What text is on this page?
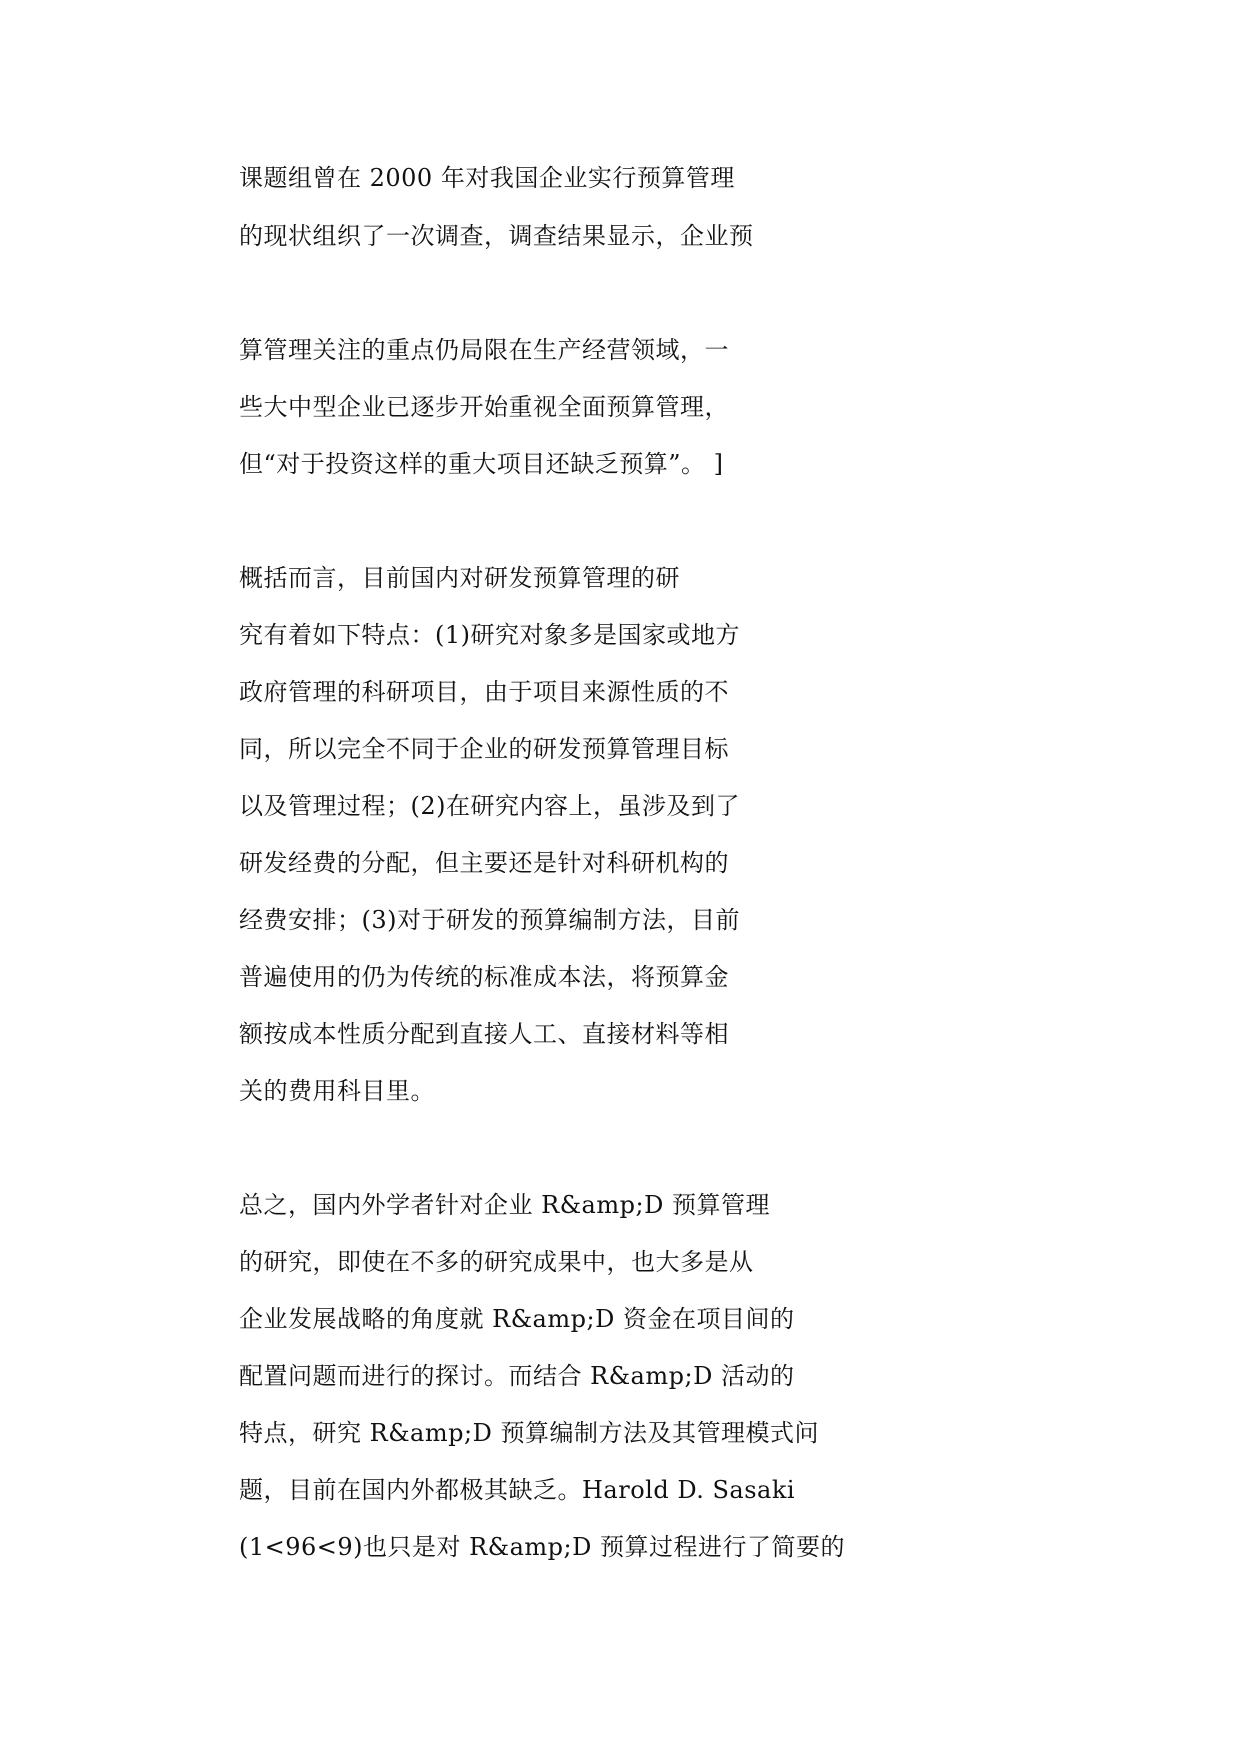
课题组曾在 2000 年对我国企业实行预算管理
的现状组织了一次调查，调查结果显示，企业预
算管理关注的重点仍局限在生产经营领域，一
些大中型企业已逐步开始重视全面预算管理，
但“对于投资这样的重大项目还缺乏预算”。 ]
概括而言，目前国内对研发预算管理的研
究有着如下特点：(1)研究对象多是国家或地方
政府管理的科研项目，由于项目来源性质的不
同，所以完全不同于企业的研发预算管理目标
以及管理过程；(2)在研究内容上，虽涉及到了
研发经费的分配，但主要还是针对科研机构的
经费安排；(3)对于研发的预算编制方法，目前
普遍使用的仍为传统的标准成本法，将预算金
额按成本性质分配到直接人工、直接材料等相
关的费用科目里。
总之，国内外学者针对企业 R&amp;D 预算管理
的研究，即使在不多的研究成果中，也大多是从
企业发展战略的角度就 R&amp;D 资金在项目间的
配置问题而进行的探讨。而结合 R&amp;D 活动的
特点，研究 R&amp;D 预算编制方法及其管理模式问
题，目前在国内外都极其缺乏。Harold D. Sasaki
(1<96<9)也只是对 R&amp;D 预算过程进行了简要的
